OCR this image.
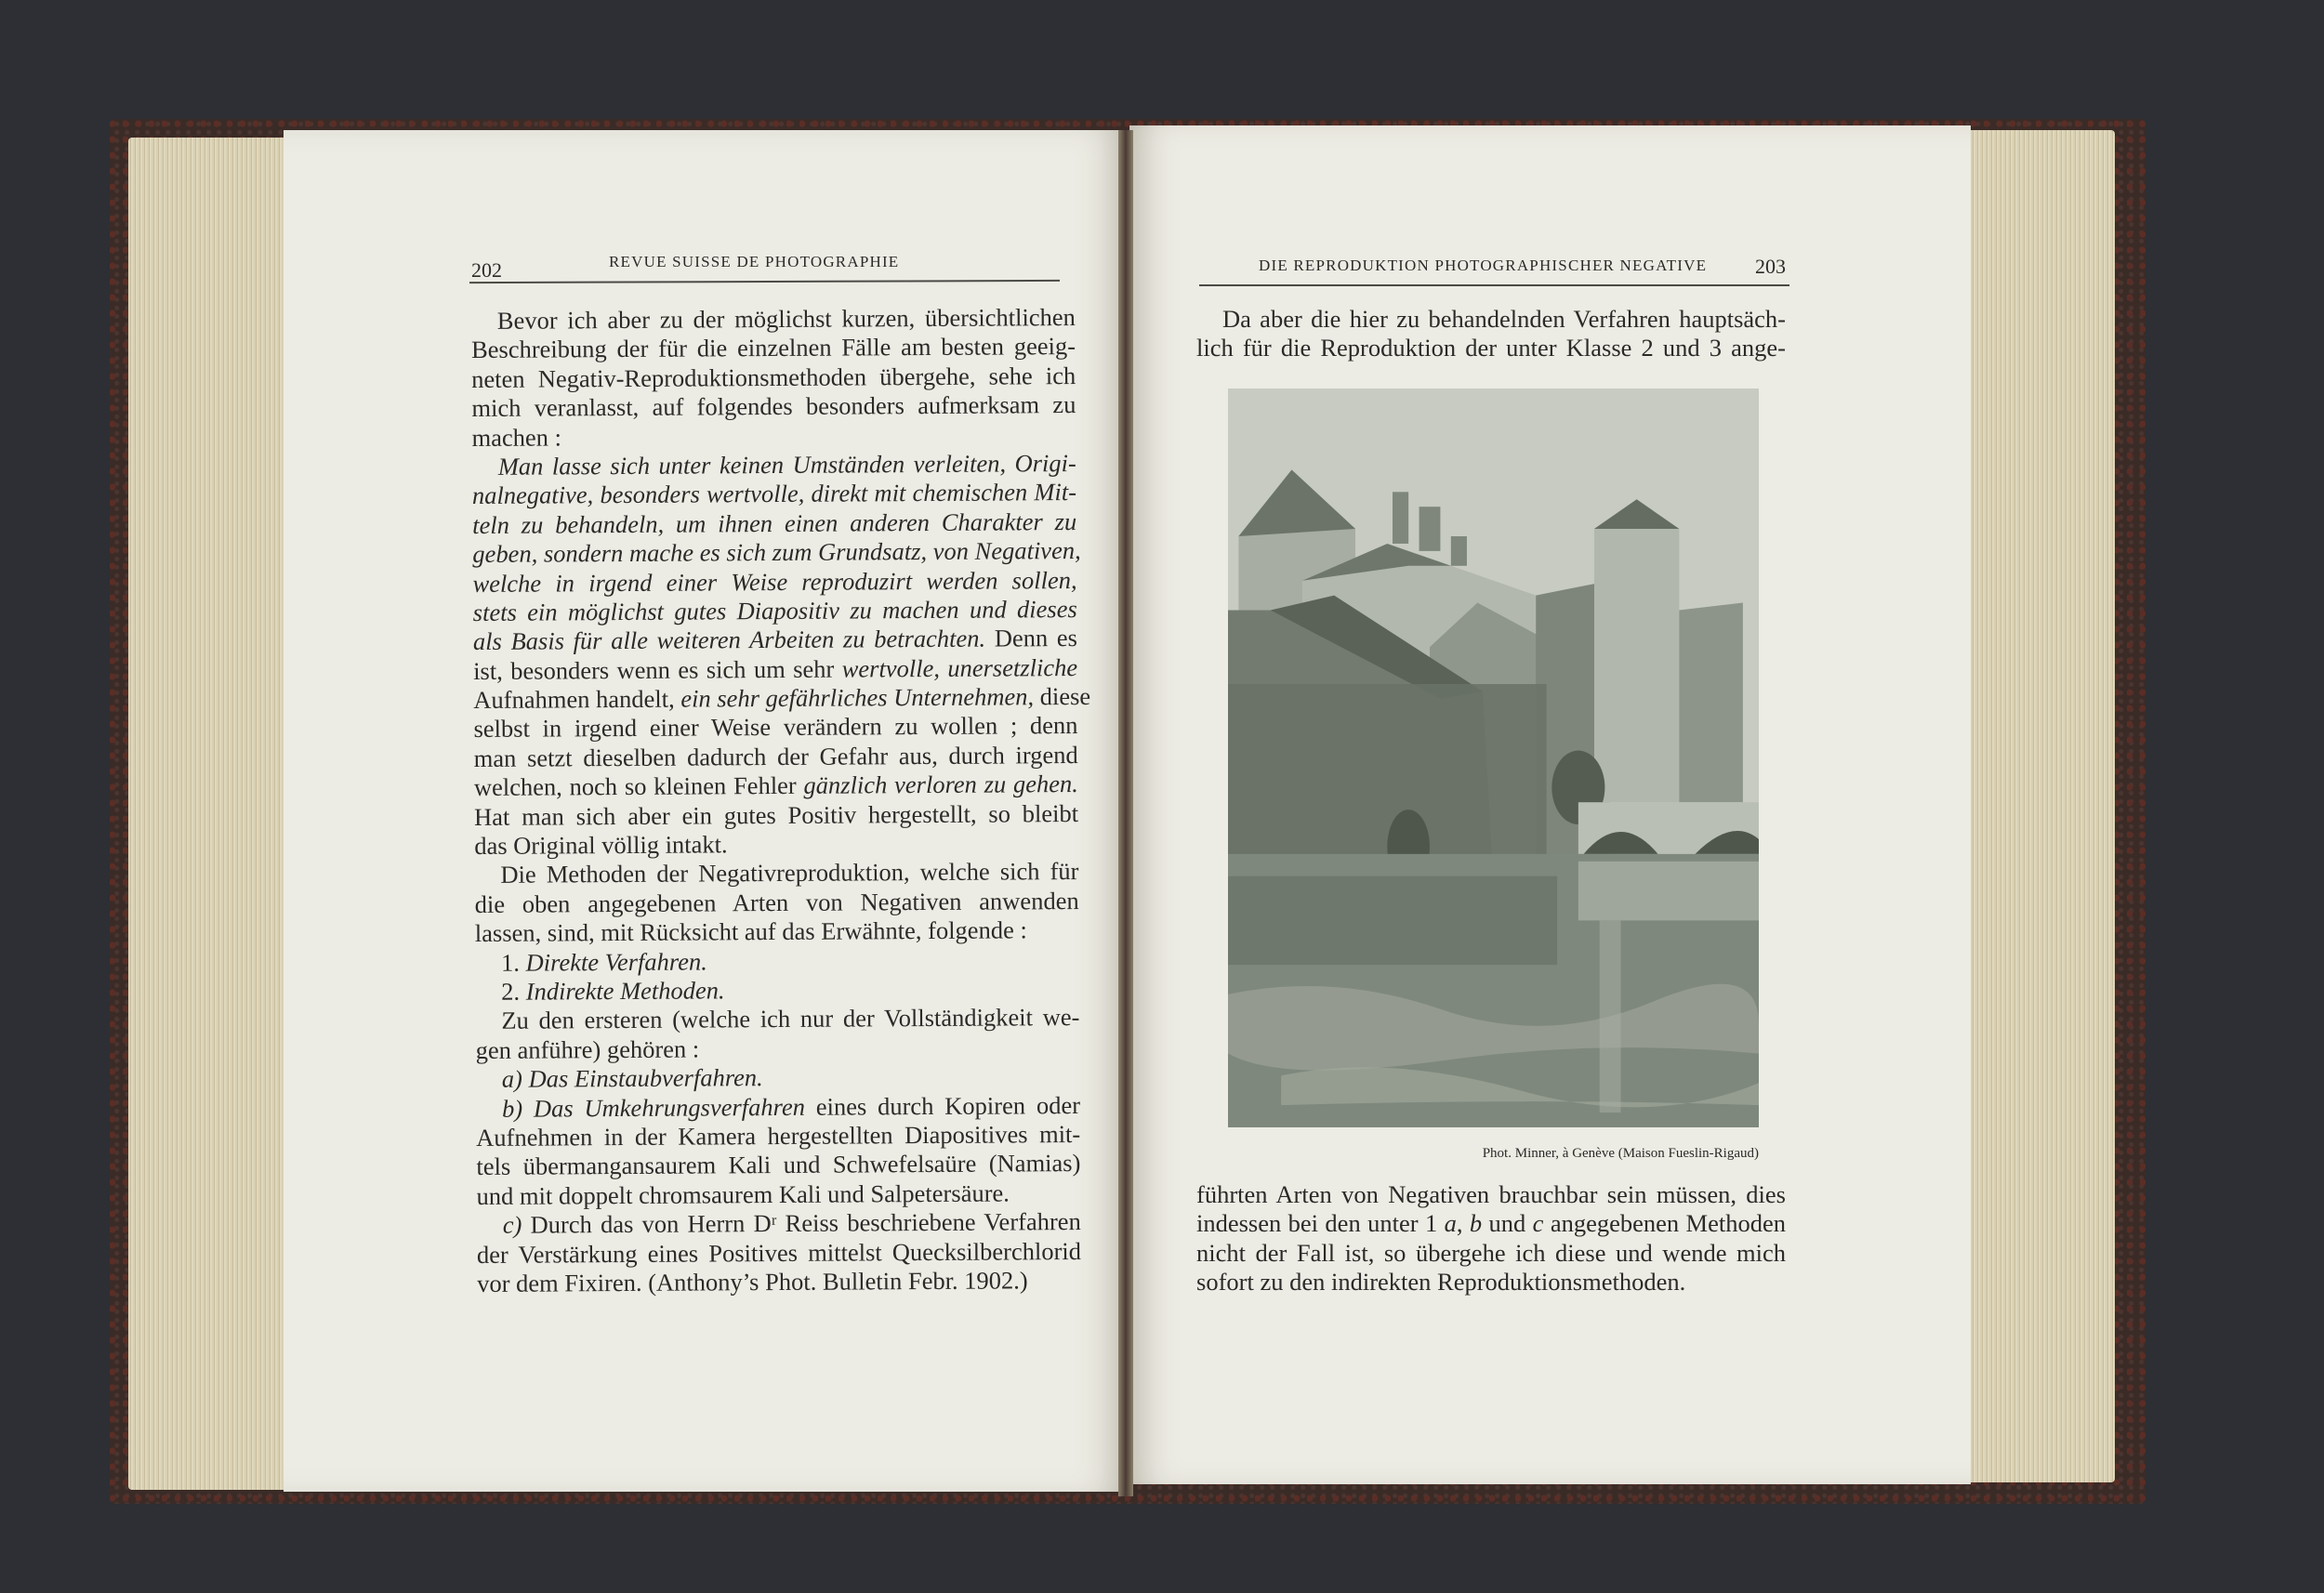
202	REVUE SUISSE DE PHOTOGRAPHIE
Bevor ich aber zu der möglichst kurzen, übersichtlichen
Beschreibung der für die einzelnen Fälle am besten geeig-
neten Negativ-Reproduktionsmethoden übergehe, sehe ich
mich veranlasst, auf folgendes besonders aufmerksam zu
machen :
Man lasse sich unter keinen Umständen verleiten, Origi-
nalnegative, besonders wertvolle, direkt mit chemischen Mit-
teln zu behandeln, um ihnen einen anderen Charakter zu
geben, sondern mache es sich zum Grundsatz, von Negativen,
welche in irgend einer Weise reproduzirt werden sollen,
stets ein möglichst gutes Diapositiv zu machen und dieses
als Basis für alle weiteren Arbeiten zu betrachten. Denn es
ist, besonders wenn es sich um sehr wertvolle, unersetzliche
Aufnahmen handelt, ein sehr gefährliches Unternehmen, diese
selbst in irgend einer Weise verändern zu wollen ; denn
man setzt dieselben dadurch der Gefahr aus, durch irgend
welchen, noch so kleinen Fehler gänzlich verloren zu gehen.
Hat man sich aber ein gutes Positiv hergestellt, so bleibt
das Original völlig intakt.
Die Methoden der Negativreproduktion, welche sich für
die oben angegebenen Arten von Negativen anwenden
lassen, sind, mit Rücksicht auf das Erwähnte, folgende :
1. Direkte Verfahren.
2. Indirekte Methoden.
Zu den ersteren (welche ich nur der Vollständigkeit we-
gen anführe) gehören :
a) Das Einstaubverfahren.
b) Das Umkehrungsverfahren eines durch Kopiren oder
Aufnehmen in der Kamera hergestellten Diapositives mit-
tels übermangansaurem Kali und Schwefelsaüre (Namias)
und mit doppelt chromsaurem Kali und Salpetersäure.
c) Durch das von Herrn Dʳ Reiss beschriebene Verfahren
der Verstärkung eines Positives mittelst Quecksilberchlorid
vor dem Fixiren. (Anthony’s Phot. Bulletin Febr. 1902.)
DIE REPRODUKTION PHOTOGRAPHISCHER NEGATIVE 203
Da aber die hier zu behandelnden Verfahren hauptsäch-
lich für die Reproduktion der unter Klasse 2 und 3 ange-
Phot. Minner, à Genève (Maison Fueslin-Rigaud)
führten Arten von Negativen brauchbar sein müssen, dies
indessen bei den unter 1 a, b und c angegebenen Methoden
nicht der Fall ist, so übergehe ich diese und wende mich
sofort zu den indirekten Reproduktionsmethoden.
